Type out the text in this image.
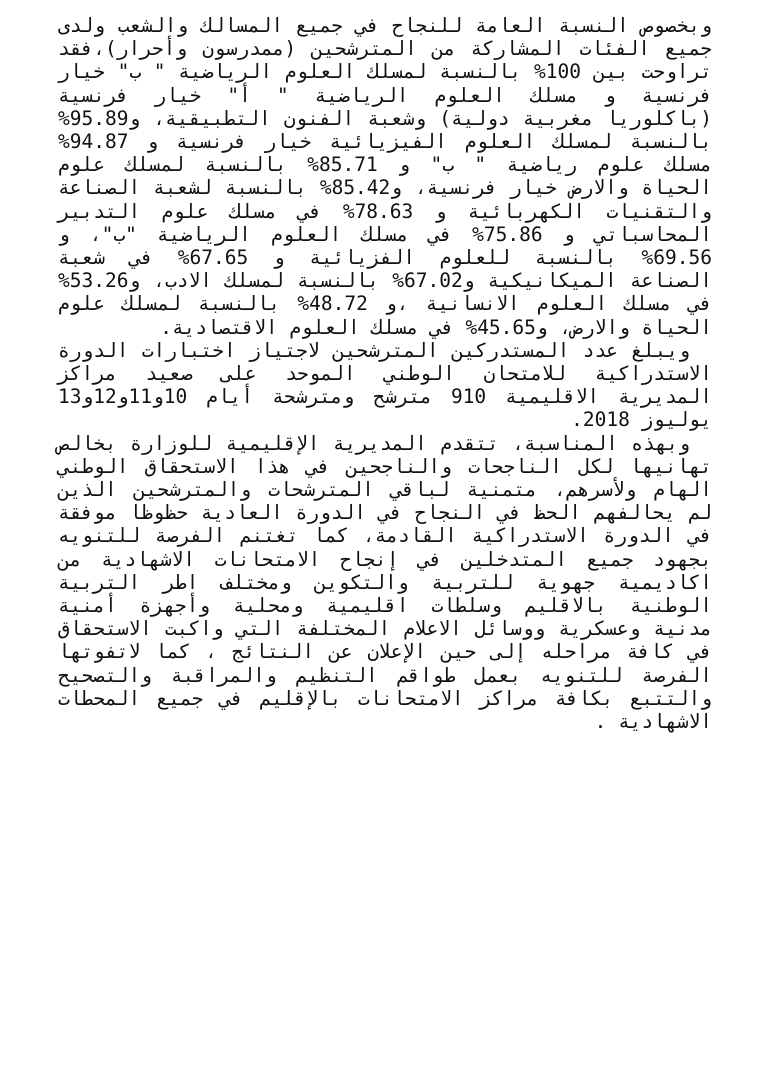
وبخصوص النسبة العامة للنجاح في جميع المسالك والشعب ولدى جميع الفئات المشاركة من المترشحين (ممدرسون وأحرار)،فقد تراوحت بين 100% بالنسبة لمسلك العلوم الرياضية " ب" خيار فرنسية و مسلك العلوم الرياضية " أ" خيار فرنسية (باكلوريا مغربية دولية) وشعبة الفنون التطبيقية، و95.89% بالنسبة لمسلك العلوم الفيزيائية خيار فرنسية و 94.87% مسلك علوم رياضية " ب" و 85.71% بالنسبة لمسلك علوم الحياة والارض خيار فرنسية، و85.42% بالنسبة لشعبة الصناعة والتقنيات الكهربائية و 78.63% في مسلك علوم التدبير المحاسباتي و 75.86% في مسلك العلوم الرياضية "ب"، و 69.56% بالنسبة للعلوم الفزيائية و 67.65% في شعبة الصناعة الميكانيكية و67.02% بالنسبة لمسلك الادب، و53.26% في مسلك العلوم الانسانية ،و 48.72% بالنسبة لمسلك علوم الحياة والارض، و45.65% في مسلك العلوم الاقتصادية.

ويبلغ عدد المستدركين المترشحين لاجتياز اختبارات الدورة الاستدراكية للامتحان الوطني الموحد على صعيد مراكز المديرية الاقليمية 910 مترشح ومترشحة أيام 10و11و12و13 يوليوز 2018.

وبهذه المناسبة، تتقدم المديرية الإقليمية للوزارة بخالص تهانيها لكل الناجحات والناجحين في هذا الاستحقاق الوطني الهام ولأسرهم، متمنية لباقي المترشحات والمترشحين الذين لم يحالفهم الحظ في النجاح في الدورة العادية حظوظا موفقة في الدورة الاستدراكية القادمة، كما تغتنم الفرصة للتنويه بجهود جميع المتدخلين في إنجاح الامتحانات الاشهادية من اكاديمية جهوية للتربية والتكوين ومختلف اطر التربية الوطنية بالاقليم وسلطات اقليمية ومحلية وأجهزة أمنية مدنية وعسكرية ووسائل الاعلام المختلفة التي واكبت الاستحقاق في كافة مراحله إلى حين الإعلان عن النتائج ، كما لاتفوتها الفرصة للتنويه بعمل طواقم التنظيم والمراقبة والتصحيح والتتبع بكافة مراكز الامتحانات بالإقليم في جميع المحطات الاشهادية .
